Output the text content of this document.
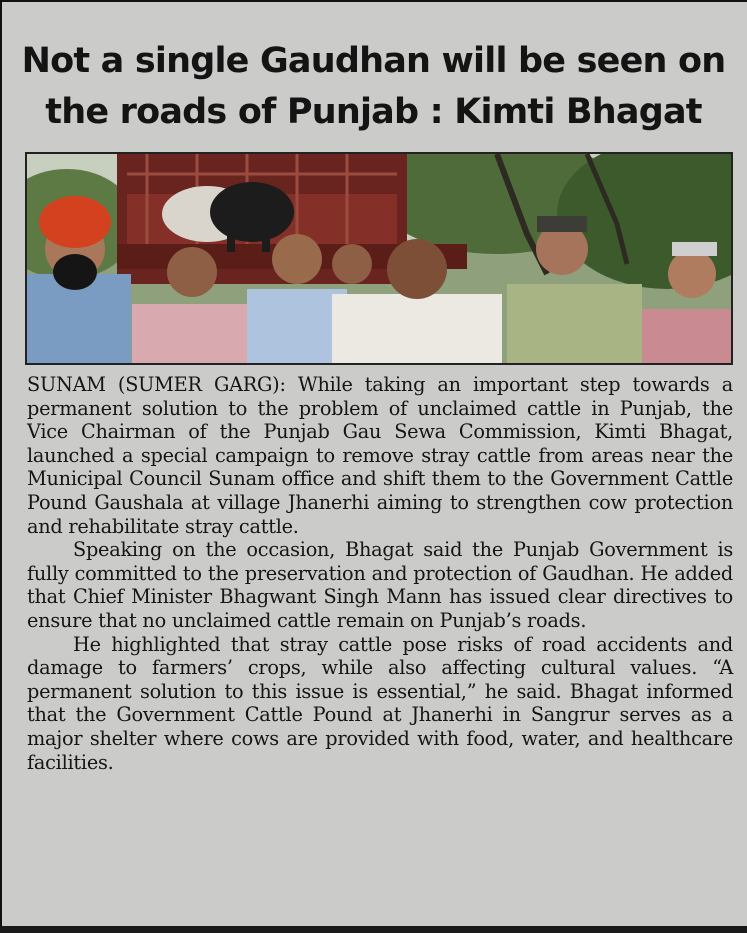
Not a single Gaudhan will be seen on the roads of Punjab : Kimti Bhagat

SUNAM (SUMER GARG): While taking an important step towards a permanent solution to the problem of unclaimed cattle in Punjab, the Vice Chairman of the Punjab Gau Sewa Commission, Kimti Bhagat, launched a special campaign to remove stray cattle from areas near the Municipal Council Sunam office and shift them to the Government Cattle Pound Gaushala at village Jhanerhi aiming to strengthen cow protection and rehabilitate stray cattle.

Speaking on the occasion, Bhagat said the Punjab Government is fully committed to the preservation and protection of Gaudhan. He added that Chief Minister Bhagwant Singh Mann has issued clear directives to ensure that no unclaimed cattle remain on Punjab’s roads.

He highlighted that stray cattle pose risks of road accidents and damage to farmers’ crops, while also affecting cultural values. “A permanent solution to this issue is essential,” he said. Bhagat informed that the Government Cattle Pound at Jhanerhi in Sangrur serves as a major shelter where cows are provided with food, water, and healthcare facilities.
